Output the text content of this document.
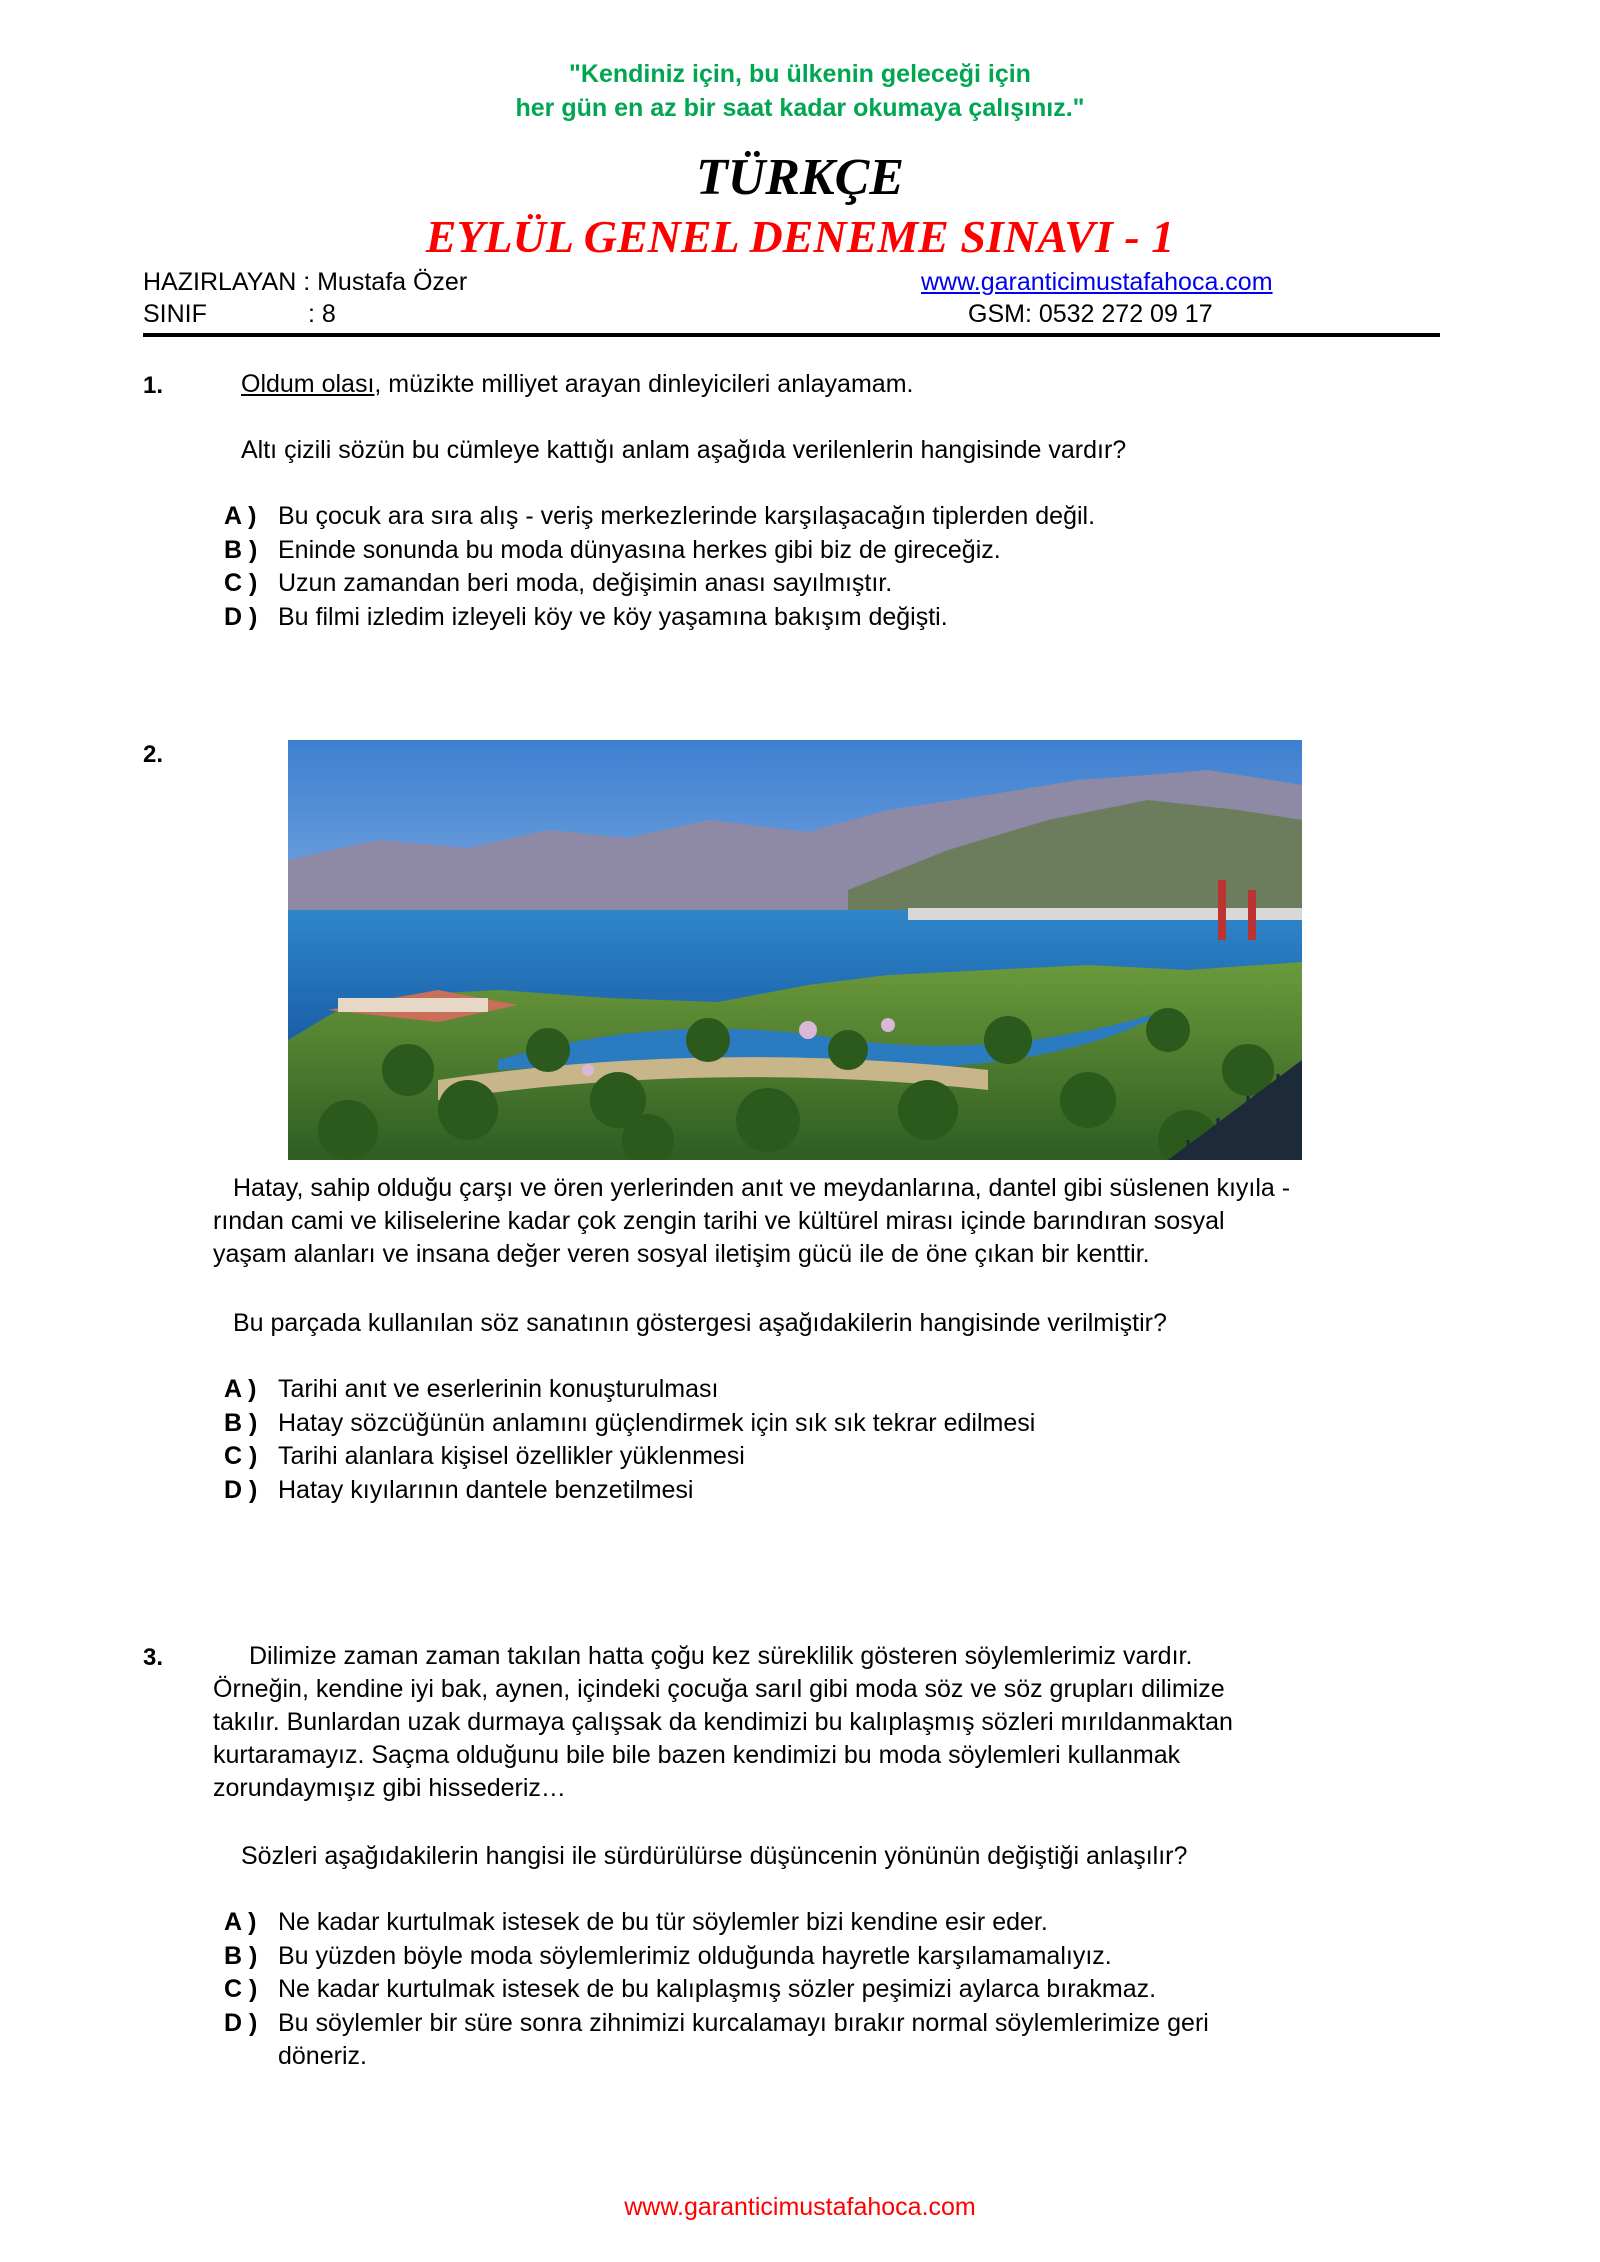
"Kendiniz için, bu ülkenin geleceği için
her gün en az bir saat kadar okumaya çalışınız."
TÜRKÇE
EYLÜL GENEL DENEME SINAVI - 1
HAZIRLAYAN : Mustafa Özer	www.garanticimustafahoca.com
SINIF	: 8	GSM: 0532 272 09 17
1.	Oldum olası, müzikte milliyet arayan dinleyicileri anlayamam.
Altı çizili sözün bu cümleye kattığı anlam aşağıda verilenlerin hangisinde vardır?
A ) Bu çocuk ara sıra alış - veriş merkezlerinde karşılaşacağın tiplerden değil.
B ) Eninde sonunda bu moda dünyasına herkes gibi biz de gireceğiz.
C ) Uzun zamandan beri moda, değişimin anası sayılmıştır.
D ) Bu filmi izledim izleyeli köy ve köy yaşamına bakışım değişti.
2.
Hatay, sahip olduğu çarşı ve ören yerlerinden anıt ve meydanlarına, dantel gibi süslenen kıyıla -
rından cami ve kiliselerine kadar çok zengin tarihi ve kültürel mirası içinde barındıran sosyal
yaşam alanları ve insana değer veren sosyal iletişim gücü ile de öne çıkan bir kenttir.
Bu parçada kullanılan söz sanatının göstergesi aşağıdakilerin hangisinde verilmiştir?
A ) Tarihi anıt ve eserlerinin konuşturulması
B ) Hatay sözcüğünün anlamını güçlendirmek için sık sık tekrar edilmesi
C ) Tarihi alanlara kişisel özellikler yüklenmesi
D ) Hatay kıyılarının dantele benzetilmesi
3.	Dilimize zaman zaman takılan hatta çoğu kez süreklilik gösteren söylemlerimiz vardır.
Örneğin, kendine iyi bak, aynen, içindeki çocuğa sarıl gibi moda söz ve söz grupları dilimize
takılır. Bunlardan uzak durmaya çalışsak da kendimizi bu kalıplaşmış sözleri mırıldanmaktan
kurtaramayız. Saçma olduğunu bile bile bazen kendimizi bu moda söylemleri kullanmak
zorundaymışız gibi hissederiz…
Sözleri aşağıdakilerin hangisi ile sürdürülürse düşüncenin yönünün değiştiği anlaşılır?
A ) Ne kadar kurtulmak istesek de bu tür söylemler bizi kendine esir eder.
B ) Bu yüzden böyle moda söylemlerimiz olduğunda hayretle karşılamamalıyız.
C ) Ne kadar kurtulmak istesek de bu kalıplaşmış sözler peşimizi aylarca bırakmaz.
D ) Bu söylemler bir süre sonra zihnimizi kurcalamayı bırakır normal söylemlerimize geri
döneriz.
www.garanticimustafahoca.com
